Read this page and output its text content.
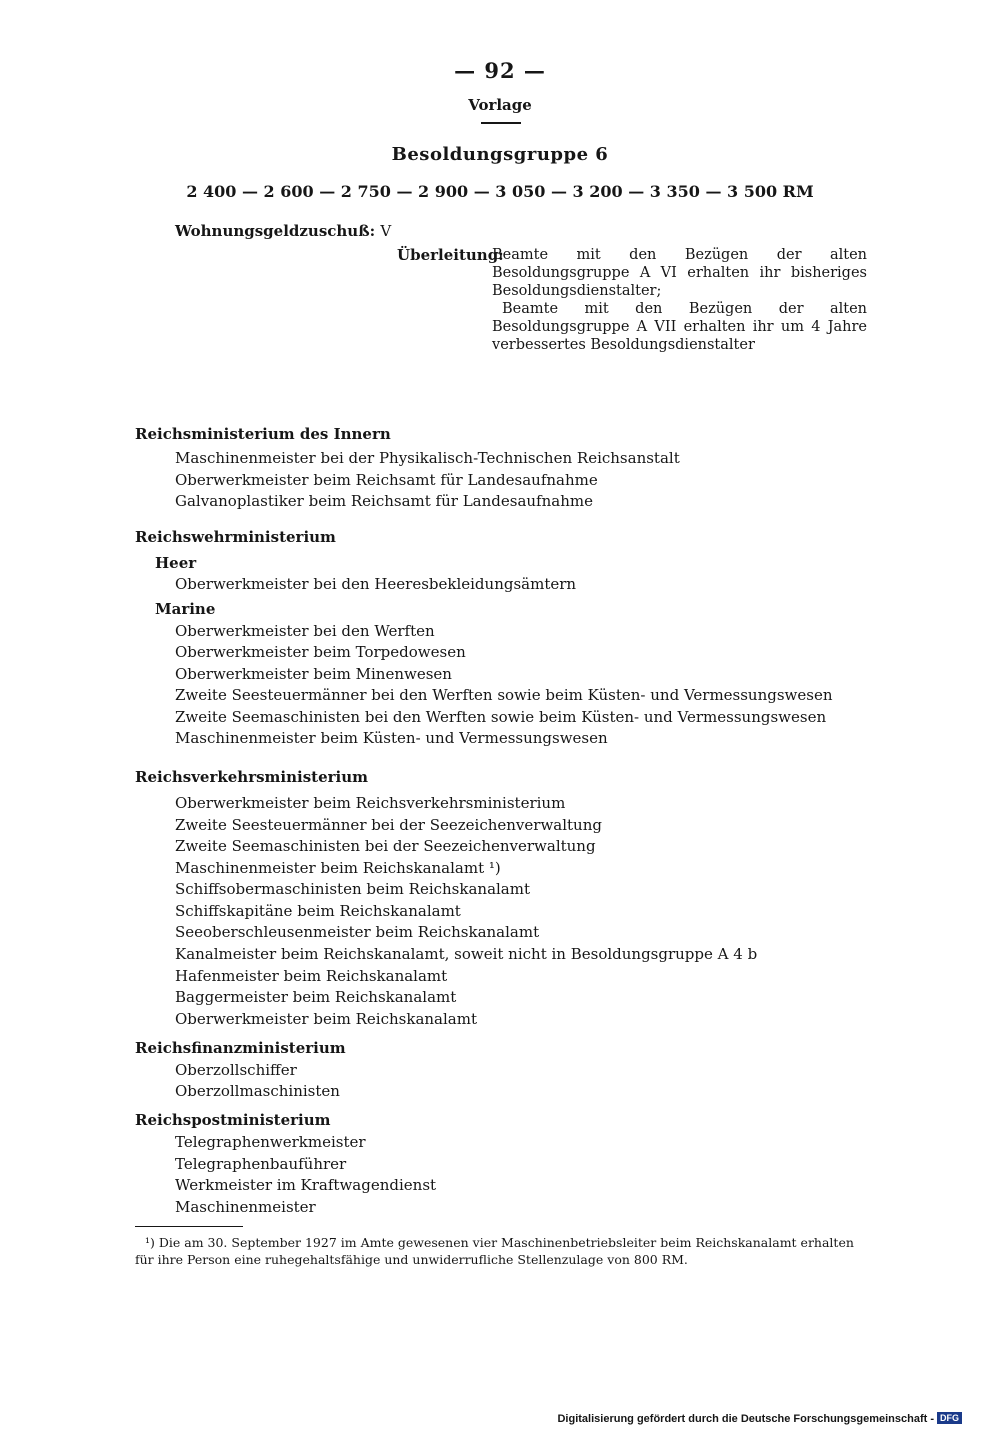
— 92 —
Vorlage
Besoldungsgruppe 6
2 400 — 2 600 — 2 750 — 2 900 — 3 050 — 3 200 — 3 350 — 3 500 RM
Wohnungsgeldzuschuß: V
Überleitung:

Beamte mit den Bezügen der alten Besoldungsgruppe A VI erhalten ihr bisheriges Besoldungsdienstalter;

Beamte mit den Bezügen der alten Besoldungsgruppe A VII erhalten ihr um 4 Jahre verbessertes Besoldungsdienstalter

Reichsministerium des Innern
Maschinenmeister bei der Physikalisch-Technischen Reichsanstalt
Oberwerkmeister beim Reichsamt für Landesaufnahme
Galvanoplastiker beim Reichsamt für Landesaufnahme
Reichswehrministerium
Heer
Oberwerkmeister bei den Heeresbekleidungsämtern
Marine
Oberwerkmeister bei den Werften
Oberwerkmeister beim Torpedowesen
Oberwerkmeister beim Minenwesen
Zweite Seesteuermänner bei den Werften sowie beim Küsten- und Vermessungswesen
Zweite Seemaschinisten bei den Werften sowie beim Küsten- und Vermessungswesen
Maschinenmeister beim Küsten- und Vermessungswesen
Reichsverkehrsministerium
Oberwerkmeister beim Reichsverkehrsministerium
Zweite Seesteuermänner bei der Seezeichenverwaltung
Zweite Seemaschinisten bei der Seezeichenverwaltung
Maschinenmeister beim Reichskanalamt ¹)
Schiffsobermaschinisten beim Reichskanalamt
Schiffskapitäne beim Reichskanalamt
Seeoberschleusenmeister beim Reichskanalamt
Kanalmeister beim Reichskanalamt, soweit nicht in Besoldungsgruppe A 4 b
Hafenmeister beim Reichskanalamt
Baggermeister beim Reichskanalamt
Oberwerkmeister beim Reichskanalamt
Reichsfinanzministerium
Oberzollschiffer
Oberzollmaschinisten
Reichspostministerium
Telegraphenwerkmeister
Telegraphenbauführer
Werkmeister im Kraftwagendienst
Maschinenmeister

¹) Die am 30. September 1927 im Amte gewesenen vier Maschinenbetriebsleiter beim Reichskanalamt erhalten

für ihre Person eine ruhegehaltsfähige und unwiderrufliche Stellenzulage von 800 RM.

Digitalisierung gefördert durch die Deutsche Forschungsgemeinschaft - DFG
